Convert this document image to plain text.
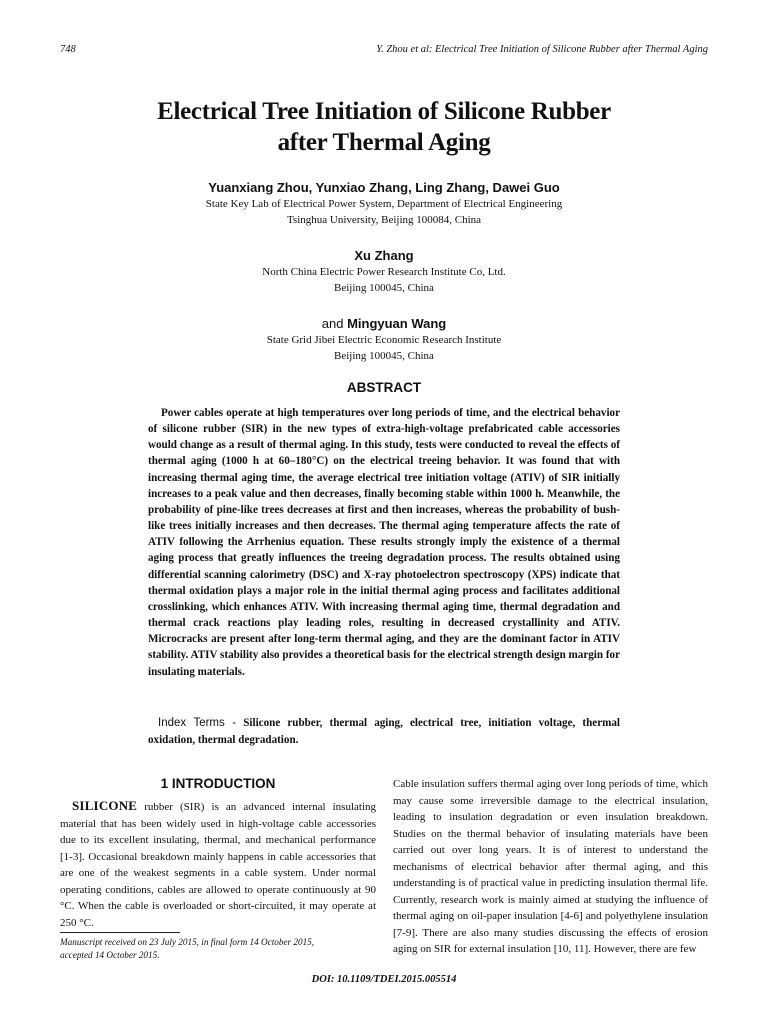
748	Y. Zhou et al: Electrical Tree Initiation of Silicone Rubber after Thermal Aging
Electrical Tree Initiation of Silicone Rubber
after Thermal Aging
Yuanxiang Zhou, Yunxiao Zhang, Ling Zhang, Dawei Guo
State Key Lab of Electrical Power System, Department of Electrical Engineering
Tsinghua University, Beijing 100084, China
Xu Zhang
North China Electric Power Research Institute Co, Ltd.
Beijing 100045, China
and Mingyuan Wang
State Grid Jibei Electric Economic Research Institute
Beijing 100045, China
ABSTRACT

Power cables operate at high temperatures over long periods of time, and the electrical behavior of silicone rubber (SIR) in the new types of extra-high-voltage prefabricated cable accessories would change as a result of thermal aging. In this study, tests were conducted to reveal the effects of thermal aging (1000 h at 60–180°C) on the electrical treeing behavior. It was found that with increasing thermal aging time, the average electrical tree initiation voltage (ATIV) of SIR initially increases to a peak value and then decreases, finally becoming stable within 1000 h. Meanwhile, the probability of pine-like trees decreases at first and then increases, whereas the probability of bush-like trees initially increases and then decreases. The thermal aging temperature affects the rate of ATIV following the Arrhenius equation. These results strongly imply the existence of a thermal aging process that greatly influences the treeing degradation process. The results obtained using differential scanning calorimetry (DSC) and X-ray photoelectron spectroscopy (XPS) indicate that thermal oxidation plays a major role in the initial thermal aging process and facilitates additional crosslinking, which enhances ATIV. With increasing thermal aging time, thermal degradation and thermal crack reactions play leading roles, resulting in decreased crystallinity and ATIV. Microcracks are present after long-term thermal aging, and they are the dominant factor in ATIV stability. ATIV stability also provides a theoretical basis for the electrical strength design margin for insulating materials.

Index Terms - Silicone rubber, thermal aging, electrical tree, initiation voltage, thermal oxidation, thermal degradation.
1 INTRODUCTION

SILICONE rubber (SIR) is an advanced internal insulating material that has been widely used in high-voltage cable accessories due to its excellent insulating, thermal, and mechanical performance [1-3]. Occasional breakdown mainly happens in cable accessories that are one of the weakest segments in a cable system. Under normal operating conditions, cables are allowed to operate continuously at 90 °C. When the cable is overloaded or short-circuited, it may operate at 250 °C.

Cable insulation suffers thermal aging over long periods of time, which may cause some irreversible damage to the electrical insulation, leading to insulation degradation or even insulation breakdown. Studies on the thermal behavior of insulating materials have been carried out over long years. It is of interest to understand the mechanisms of electrical behavior after thermal aging, and this understanding is of practical value in predicting insulation thermal life. Currently, research work is mainly aimed at studying the influence of thermal aging on oil-paper insulation [4-6] and polyethylene insulation [7-9]. There are also many studies discussing the effects of erosion aging on SIR for external insulation [10, 11]. However, there are few

Manuscript received on 23 July 2015, in final form 14 October 2015,
accepted 14 October 2015.
DOI: 10.1109/TDEI.2015.005514
